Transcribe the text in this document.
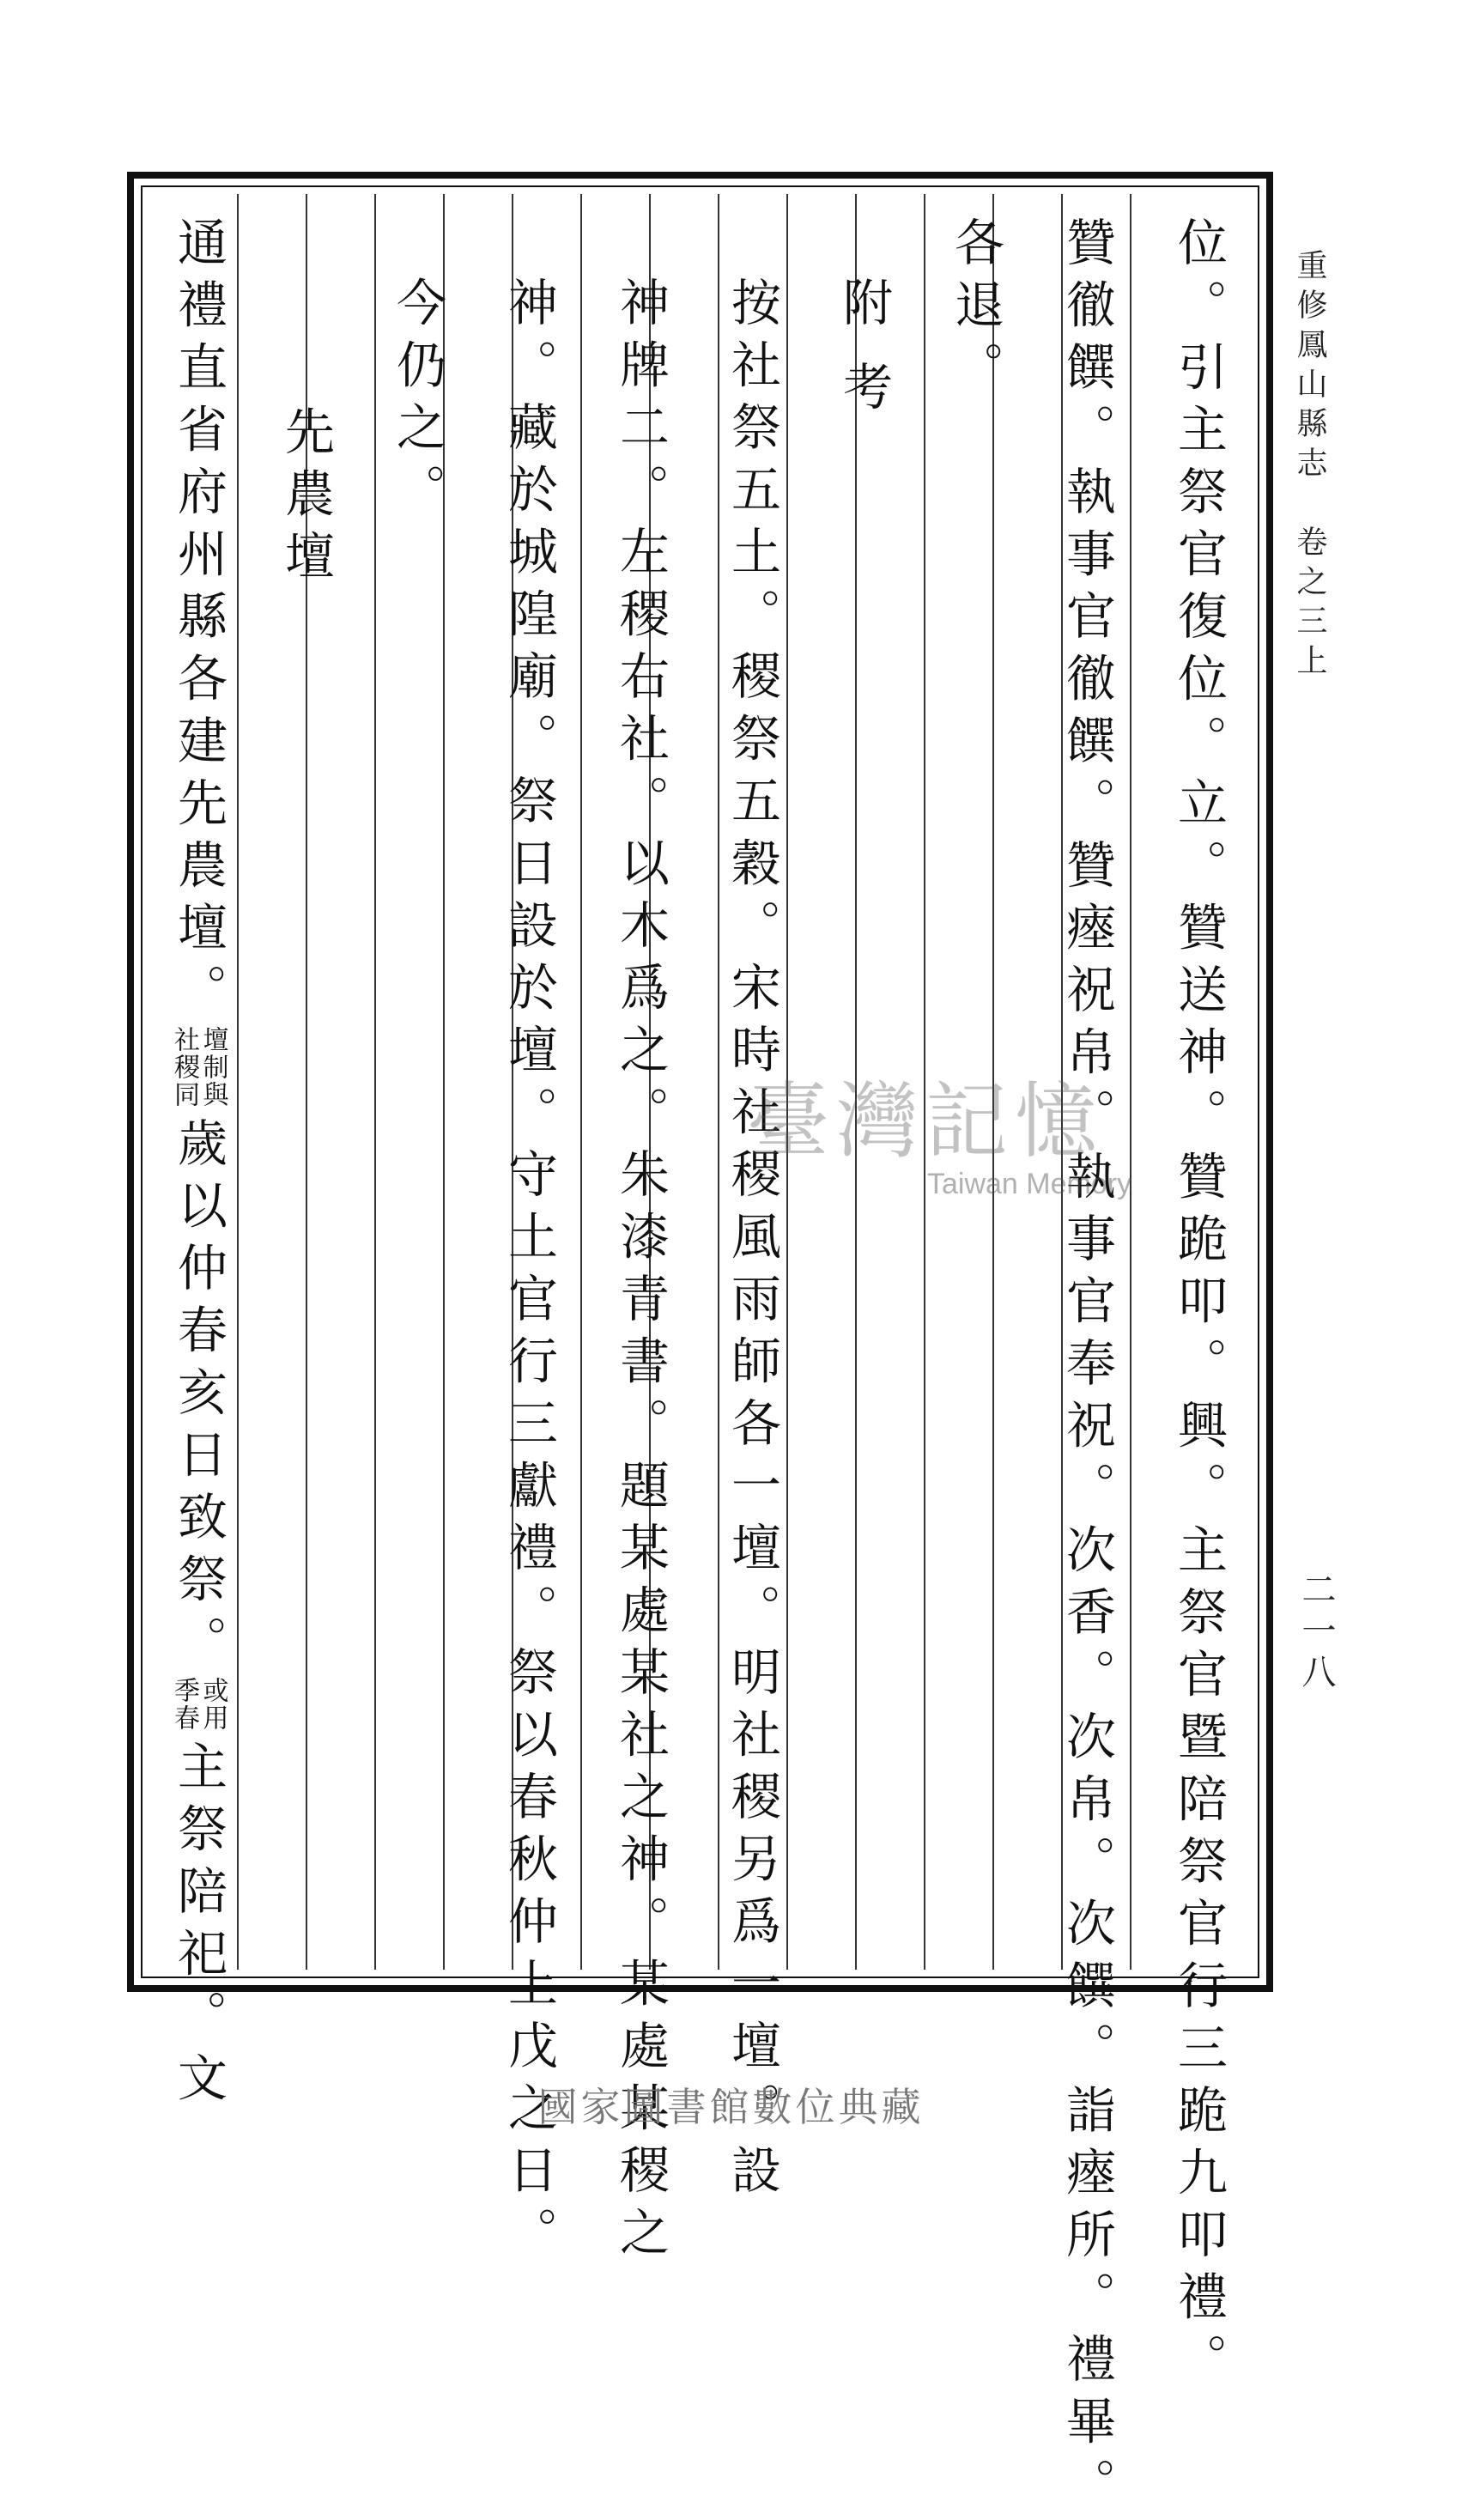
位。引主祭官復位。立。贊送神。贊跪叩。興。主祭官暨陪祭官行三跪九叩禮。
贊徹饌。執事官徹饌。贊瘞祝帛。執事官奉祝。次香。次帛。次饌。詣瘞所。禮畢。
各退。
附考
按社祭五土。稷祭五穀。宋時社稷風雨師各一壇。明社稷另爲一壇。設
神牌二。左稷右社。以木爲之。朱漆青書。題某處某社之神。某處某稷之
神。藏於城隍廟。祭日設於壇。守土官行三獻禮。祭以春秋仲上戊之日。
今仍之。
先農壇
通禮直省府州縣各建先農壇。
壇制與
社稷同
歲以仲春亥日致祭。
或用
季春
主祭陪祀。文
重修鳳山縣志　卷之三上
二一八
臺灣記憶
Taiwan Memory
國家圖書館數位典藏
